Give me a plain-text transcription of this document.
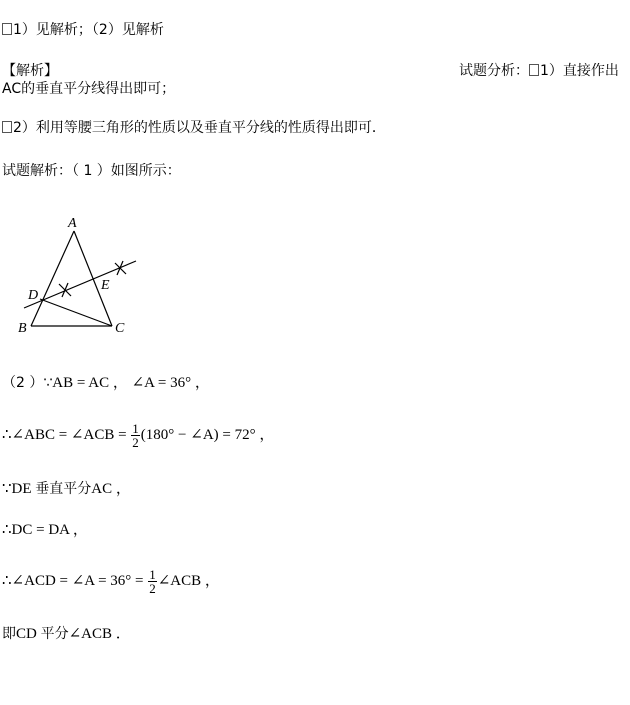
1）见解析；（2）见解析
【解析】	试题分析： 1）直接作出
AC的垂直平分线得出即可；
2）利用等腰三角形的性质以及垂直平分线的性质得出即可．
试题解析：（ 1 ）如图所示：
A
B	C
D
E
（2 ）∵AB = AC ， ∠A = 36° ，
∴∠ABC = ∠ACB = $\frac{1}{2} (180^\circ$ − ∠A) = 72° ，
∵DE 垂直平分AC ，
∴DC = DA ，
∴∠ACD = ∠A = $36^\circ = \frac{1}{2}$ ∠ACB ，
即CD 平分∠ACB ．
